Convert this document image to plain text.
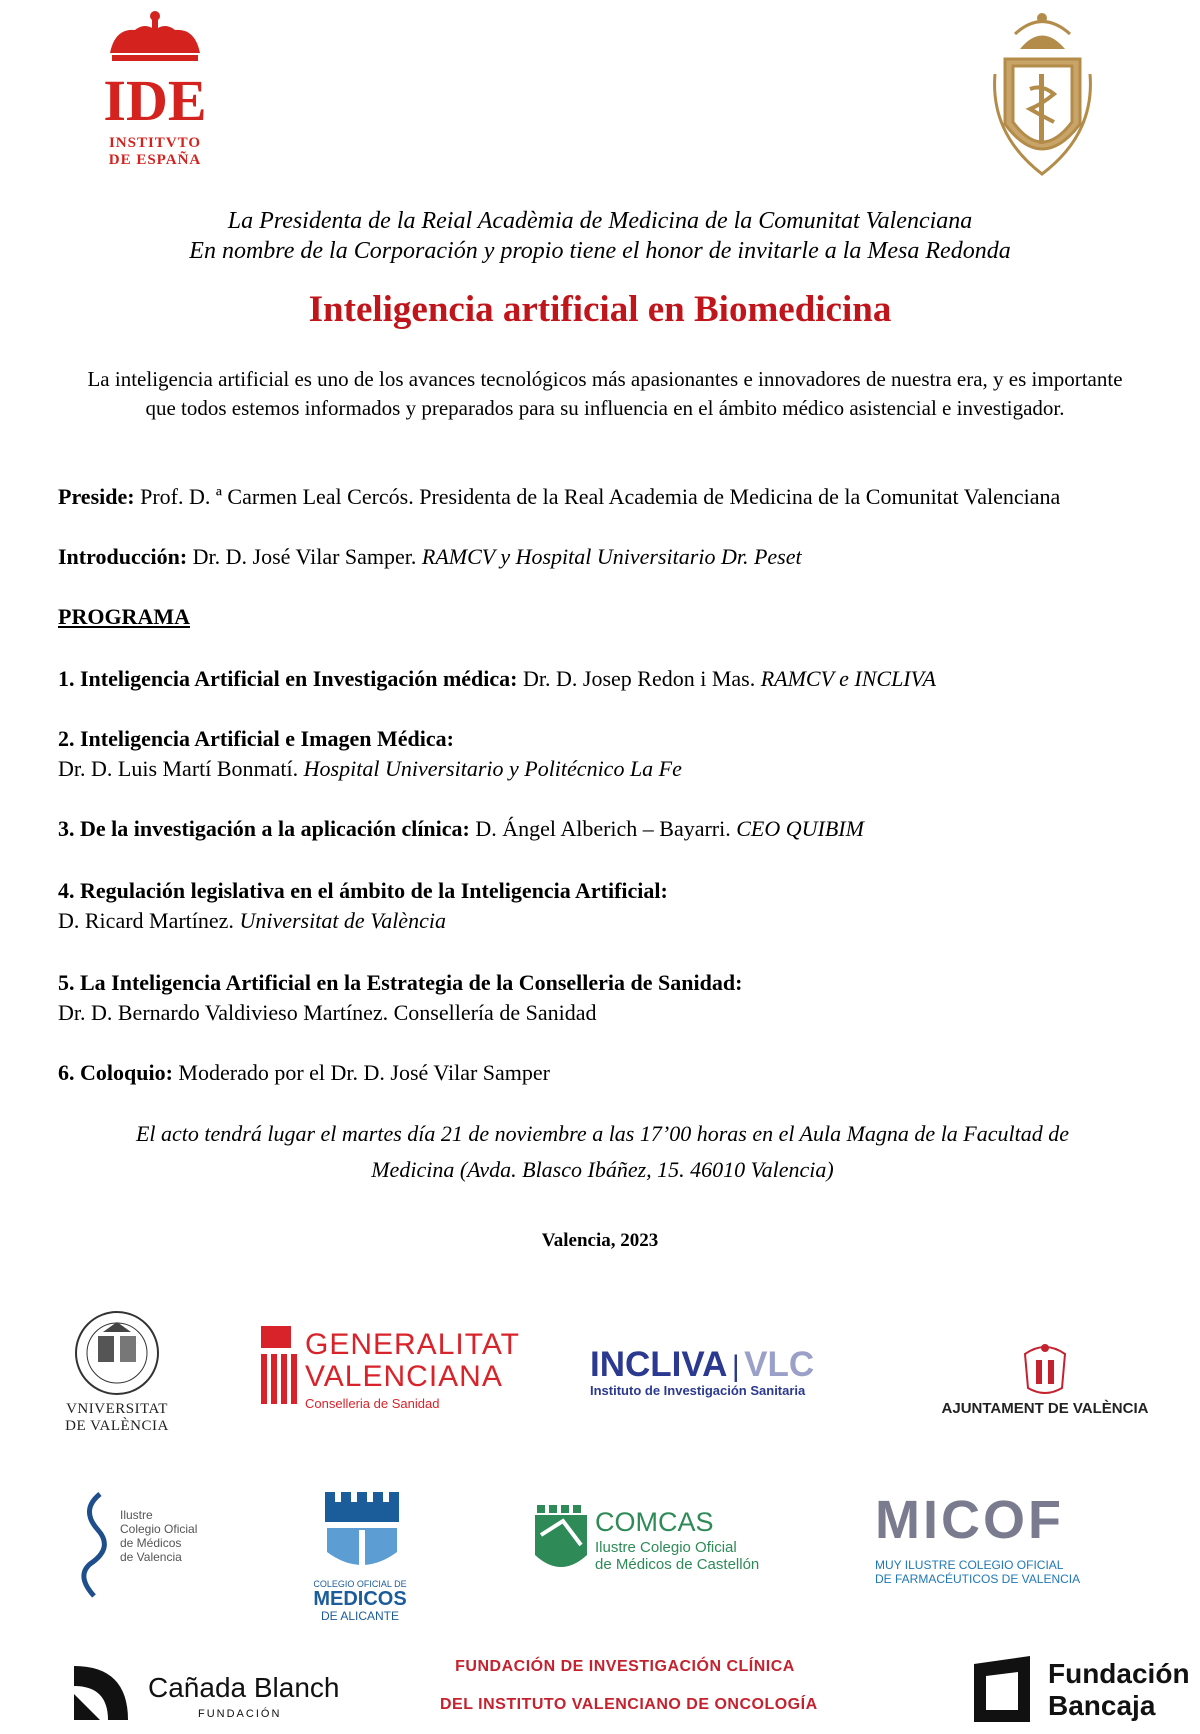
IDE
INSTITVTO
DE ESPAÑA
La Presidenta de la Reial Acadèmia de Medicina de la Comunitat Valenciana
En nombre de la Corporación y propio tiene el honor de invitarle a la Mesa Redonda
Inteligencia artificial en Biomedicina
La inteligencia artificial es uno de los avances tecnológicos más apasionantes e innovadores de nuestra era, y es importante que todos estemos informados y preparados para su influencia en el ámbito médico asistencial e investigador.
Preside: Prof. D. ª Carmen Leal Cercós. Presidenta de la Real Academia de Medicina de la Comunitat Valenciana
Introducción: Dr. D. José Vilar Samper. RAMCV y Hospital Universitario Dr. Peset
PROGRAMA
1. Inteligencia Artificial en Investigación médica: Dr. D. Josep Redon i Mas. RAMCV e INCLIVA
2. Inteligencia Artificial e Imagen Médica:
Dr. D. Luis Martí Bonmatí. Hospital Universitario y Politécnico La Fe
3. De la investigación a la aplicación clínica: D. Ángel Alberich – Bayarri. CEO QUIBIM
4. Regulación legislativa en el ámbito de la Inteligencia Artificial:
D. Ricard Martínez. Universitat de València
5. La Inteligencia Artificial en la Estrategia de la Conselleria de Sanidad:
Dr. D. Bernardo Valdivieso Martínez. Consellería de Sanidad
6. Coloquio: Moderado por el Dr. D. José Vilar Samper
El acto tendrá lugar el martes día 21 de noviembre a las 17’00 horas en el Aula Magna de la Facultad de
Medicina (Avda. Blasco Ibáñez, 15. 46010 Valencia)
Valencia, 2023
VNIVERSITAT
DE VALÈNCIA
GENERALITAT
VALENCIANA
Conselleria de Sanidad
INCLIVA | VLC
Instituto de Investigación Sanitaria
AJUNTAMENT DE VALÈNCIA
Ilustre
Colegio Oficial
de Médicos
de Valencia
COLEGIO OFICIAL DE
MEDICOS
DE ALICANTE
COMCAS
Ilustre Colegio Oficial
de Médicos de Castellón
MICOF
MUY ILUSTRE COLEGIO OFICIAL
DE FARMACÉUTICOS DE VALENCIA
Cañada Blanch
FUNDACIÓN
FUNDACIÓN DE INVESTIGACIÓN CLÍNICA
DEL INSTITUTO VALENCIANO DE ONCOLOGÍA
Fundación
Bancaja
